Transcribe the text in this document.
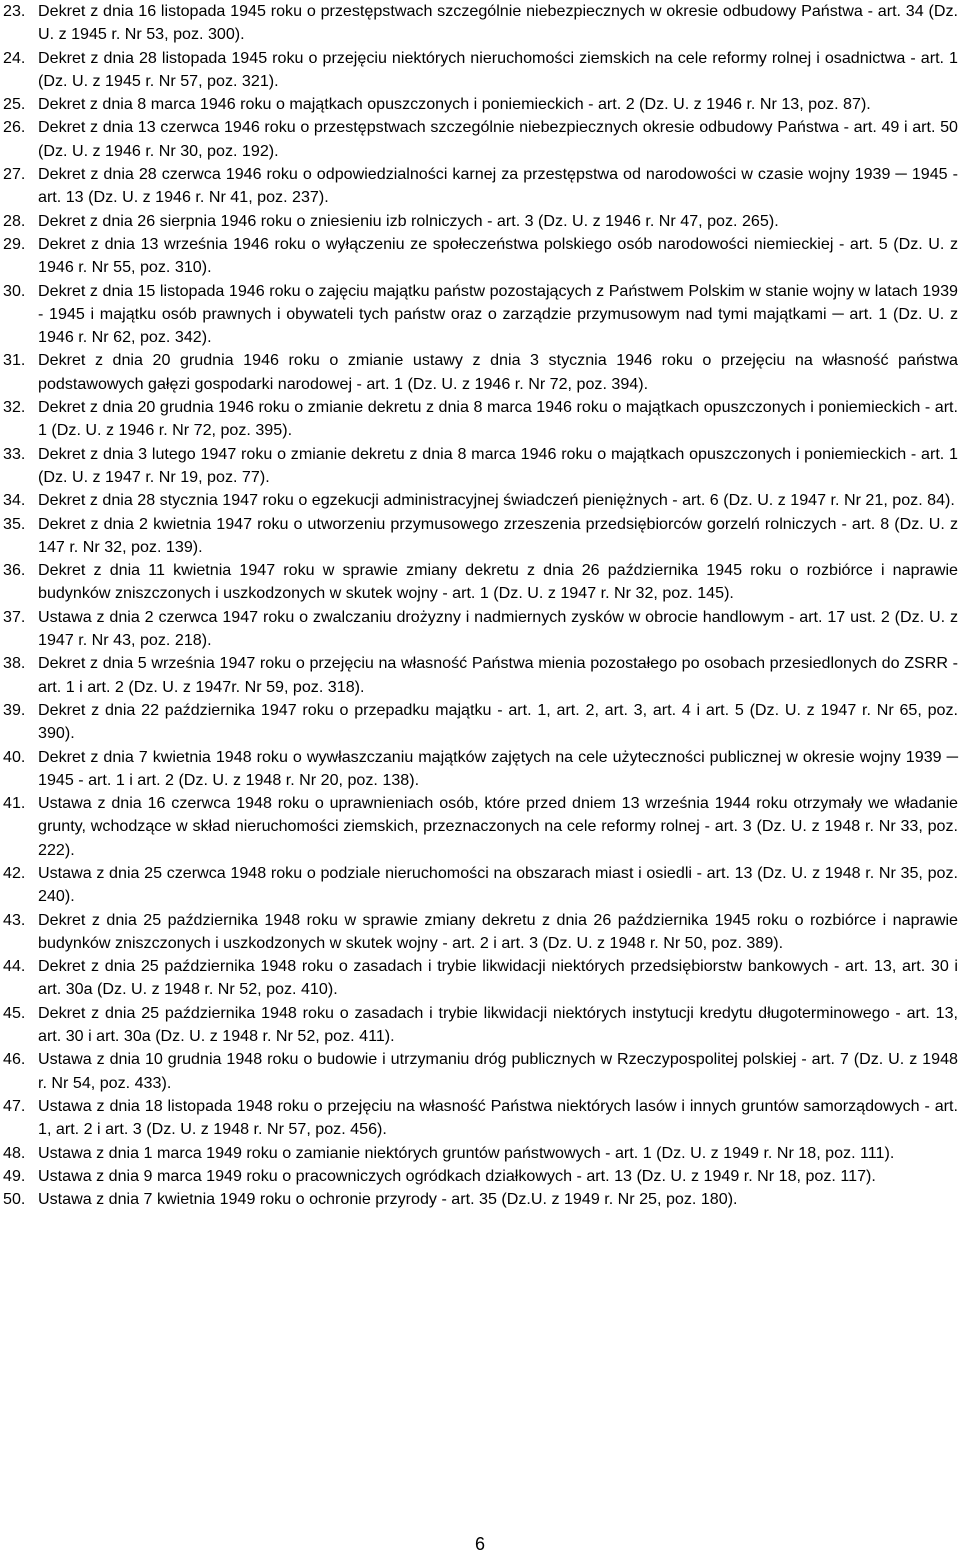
23. Dekret z dnia 16 listopada 1945 roku o przestępstwach szczególnie niebezpiecznych w okresie odbudowy Państwa - art. 34 (Dz. U. z 1945 r. Nr 53, poz. 300).
24. Dekret z dnia 28 listopada 1945 roku o przejęciu niektórych nieruchomości ziemskich na cele reformy rolnej i osadnictwa - art. 1 (Dz. U. z 1945 r. Nr 57, poz. 321).
25. Dekret z dnia 8 marca 1946 roku o majątkach opuszczonych i poniemieckich - art. 2 (Dz. U. z 1946 r. Nr 13, poz. 87).
26. Dekret z dnia 13 czerwca 1946 roku o przestępstwach szczególnie niebezpiecznych okresie odbudowy Państwa - art. 49 i art. 50 (Dz. U. z 1946 r. Nr 30, poz. 192).
27. Dekret z dnia 28 czerwca 1946 roku o odpowiedzialności karnej za przestępstwa od narodowości w czasie wojny 1939 ─ 1945 - art. 13 (Dz. U. z 1946 r. Nr 41, poz. 237).
28. Dekret z dnia 26 sierpnia 1946 roku o zniesieniu izb rolniczych - art. 3 (Dz. U. z 1946 r. Nr 47, poz. 265).
29. Dekret z dnia 13 września 1946 roku o wyłączeniu ze społeczeństwa polskiego osób narodowości niemieckiej - art. 5 (Dz. U. z 1946 r. Nr 55, poz. 310).
30. Dekret z dnia 15 listopada 1946 roku o zajęciu majątku państw pozostających z Państwem Polskim w stanie wojny w latach 1939 - 1945 i majątku osób prawnych i obywateli tych państw oraz o zarządzie przymusowym nad tymi majątkami ─ art. 1 (Dz. U. z 1946 r. Nr 62, poz. 342).
31. Dekret z dnia 20 grudnia 1946 roku o zmianie ustawy z dnia 3 stycznia 1946 roku o przejęciu na własność państwa podstawowych gałęzi gospodarki narodowej - art. 1 (Dz. U. z 1946 r. Nr 72, poz. 394).
32. Dekret z dnia 20 grudnia 1946 roku o zmianie dekretu z dnia 8 marca 1946 roku o majątkach opuszczonych i poniemieckich - art. 1 (Dz. U. z 1946 r. Nr 72, poz. 395).
33. Dekret z dnia 3 lutego 1947 roku o zmianie dekretu z dnia 8 marca 1946 roku o majątkach opuszczonych i poniemieckich - art. 1 (Dz. U. z 1947 r. Nr 19, poz. 77).
34. Dekret z dnia 28 stycznia 1947 roku o egzekucji administracyjnej świadczeń pieniężnych - art. 6 (Dz. U. z 1947 r. Nr 21, poz. 84).
35. Dekret z dnia 2 kwietnia 1947 roku o utworzeniu przymusowego zrzeszenia przedsiębiorców gorzelń rolniczych - art. 8 (Dz. U. z 147 r. Nr 32, poz. 139).
36. Dekret z dnia 11 kwietnia 1947 roku w sprawie zmiany dekretu z dnia 26 października 1945 roku o rozbiórce i naprawie budynków zniszczonych i uszkodzonych w skutek wojny - art. 1 (Dz. U. z 1947 r. Nr 32, poz. 145).
37. Ustawa z dnia 2 czerwca 1947 roku o zwalczaniu drożyzny i nadmiernych zysków w obrocie handlowym - art. 17 ust. 2 (Dz. U. z 1947 r. Nr 43, poz. 218).
38. Dekret z dnia 5 września 1947 roku o przejęciu na własność Państwa mienia pozostałego po osobach przesiedlonych do ZSRR - art. 1 i art. 2 (Dz. U. z 1947r. Nr 59, poz. 318).
39. Dekret z dnia 22 października 1947 roku o przepadku majątku - art. 1, art. 2, art. 3, art. 4 i art. 5 (Dz. U. z 1947 r. Nr 65, poz. 390).
40. Dekret z dnia 7 kwietnia 1948 roku o wywłaszczaniu majątków zajętych na cele użyteczności publicznej w okresie wojny 1939 ─ 1945 - art. 1 i art. 2 (Dz. U. z 1948 r. Nr 20, poz. 138).
41. Ustawa z dnia 16 czerwca 1948 roku o uprawnieniach osób, które przed dniem 13 września 1944 roku otrzymały we władanie grunty, wchodzące w skład nieruchomości ziemskich, przeznaczonych na cele reformy rolnej - art. 3 (Dz. U. z 1948 r. Nr 33, poz. 222).
42. Ustawa z dnia 25 czerwca 1948 roku o podziale nieruchomości na obszarach miast i osiedli - art. 13 (Dz. U. z 1948 r. Nr 35, poz. 240).
43. Dekret z dnia 25 października 1948 roku w sprawie zmiany dekretu z dnia 26 października 1945 roku o rozbiórce i naprawie budynków zniszczonych i uszkodzonych w skutek wojny - art. 2 i art. 3 (Dz. U. z 1948 r. Nr 50, poz. 389).
44. Dekret z dnia 25 października 1948 roku o zasadach i trybie likwidacji niektórych przedsiębiorstw bankowych - art. 13, art. 30 i art. 30a (Dz. U. z 1948 r. Nr 52, poz. 410).
45. Dekret z dnia 25 października 1948 roku o zasadach i trybie likwidacji niektórych instytucji kredytu długoterminowego - art. 13, art. 30 i art. 30a (Dz. U. z 1948 r. Nr 52, poz. 411).
46. Ustawa z dnia 10 grudnia 1948 roku o budowie i utrzymaniu dróg publicznych w Rzeczypospolitej polskiej - art. 7 (Dz. U. z 1948 r. Nr 54, poz. 433).
47. Ustawa z dnia 18 listopada 1948 roku o przejęciu na własność Państwa niektórych lasów i innych gruntów samorządowych - art. 1, art. 2 i art. 3 (Dz. U. z 1948 r. Nr 57, poz. 456).
48. Ustawa z dnia 1 marca 1949 roku o zamianie niektórych gruntów państwowych - art. 1 (Dz. U. z 1949 r. Nr 18, poz. 111).
49. Ustawa z dnia 9 marca 1949 roku o pracowniczych ogródkach działkowych - art. 13 (Dz. U. z 1949 r. Nr 18, poz. 117).
50. Ustawa z dnia 7 kwietnia 1949 roku o ochronie przyrody - art. 35 (Dz.U. z 1949 r. Nr 25, poz. 180).
6
